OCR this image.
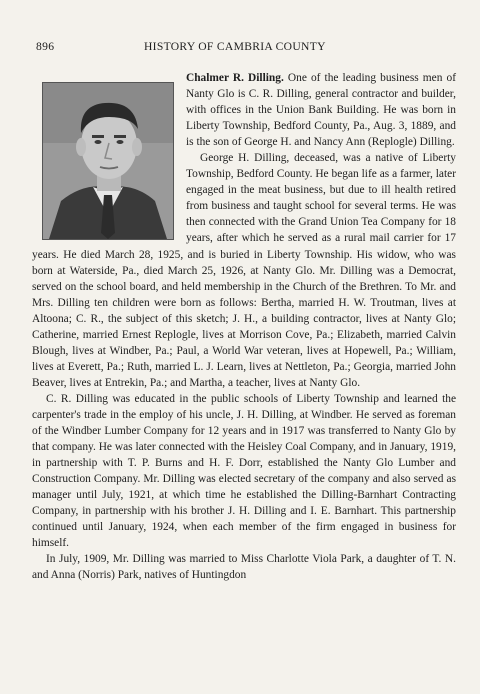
896	HISTORY OF CAMBRIA COUNTY

Chalmer R. Dilling. One of the leading business men of Nanty Glo is C. R. Dilling, general contractor and builder, with offices in the Union Bank Building. He was born in Liberty Township, Bedford County, Pa., Aug. 3, 1889, and is the son of George H. and Nancy Ann (Replogle) Dilling.

George H. Dilling, deceased, was a native of Liberty Township, Bedford County. He began life as a farmer, later engaged in the meat business, but due to ill health retired from business and taught school for several terms. He was then connected with the Grand Union Tea Company for 18 years, after which he served as a rural mail carrier for 17 years. He died March 28, 1925, and is buried in Liberty Township. His widow, who was born at Waterside, Pa., died March 25, 1926, at Nanty Glo. Mr. Dilling was a Democrat, served on the school board, and held membership in the Church of the Brethren. To Mr. and Mrs. Dilling ten children were born as follows: Bertha, married H. W. Troutman, lives at Altoona; C. R., the subject of this sketch; J. H., a building contractor, lives at Nanty Glo; Catherine, married Ernest Replogle, lives at Morrison Cove, Pa.; Elizabeth, married Calvin Blough, lives at Windber, Pa.; Paul, a World War veteran, lives at Hopewell, Pa.; William, lives at Everett, Pa.; Ruth, married L. J. Learn, lives at Nettleton, Pa.; Georgia, married John Beaver, lives at Entrekin, Pa.; and Martha, a teacher, lives at Nanty Glo.

C. R. Dilling was educated in the public schools of Liberty Township and learned the carpenter's trade in the employ of his uncle, J. H. Dilling, at Windber. He served as foreman of the Windber Lumber Company for 12 years and in 1917 was transferred to Nanty Glo by that company. He was later connected with the Heisley Coal Company, and in January, 1919, in partnership with T. P. Burns and H. F. Dorr, established the Nanty Glo Lumber and Construction Company. Mr. Dilling was elected secretary of the company and also served as manager until July, 1921, at which time he established the Dilling-Barnhart Contracting Company, in partnership with his brother J. H. Dilling and I. E. Barnhart. This partnership continued until January, 1924, when each member of the firm engaged in business for himself.

In July, 1909, Mr. Dilling was married to Miss Charlotte Viola Park, a daughter of T. N. and Anna (Norris) Park, natives of Huntingdon
